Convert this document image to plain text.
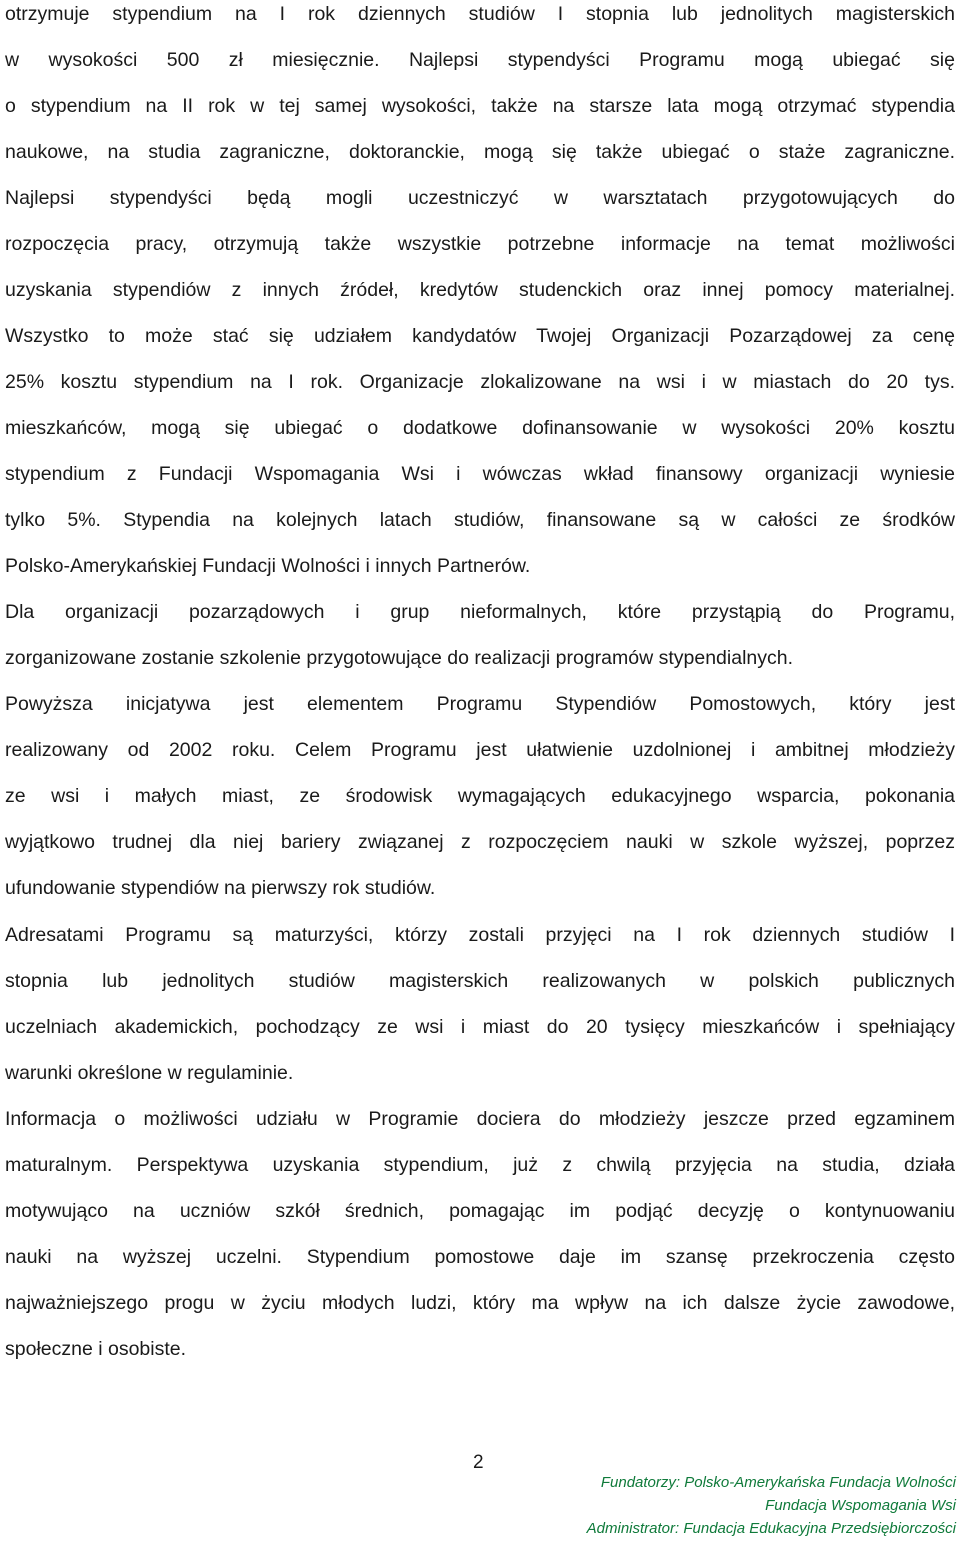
otrzymuje stypendium na I rok dziennych studiów I stopnia lub jednolitych magisterskich
w wysokości 500 zł miesięcznie. Najlepsi stypendyści Programu mogą ubiegać się
o stypendium na II rok w tej samej wysokości, także na starsze lata mogą otrzymać stypendia
naukowe, na studia zagraniczne, doktoranckie, mogą się także ubiegać o staże zagraniczne.
Najlepsi stypendyści będą mogli uczestniczyć w warsztatach przygotowujących do
rozpoczęcia pracy, otrzymują także wszystkie potrzebne informacje na temat możliwości
uzyskania stypendiów z innych źródeł, kredytów studenckich oraz innej pomocy materialnej.
Wszystko to może stać się udziałem kandydatów Twojej Organizacji Pozarządowej za cenę
25% kosztu stypendium na I rok. Organizacje zlokalizowane na wsi i w miastach do 20 tys.
mieszkańców, mogą się ubiegać o dodatkowe dofinansowanie w wysokości 20% kosztu
stypendium z Fundacji Wspomagania Wsi i wówczas wkład finansowy organizacji wyniesie
tylko 5%. Stypendia na kolejnych latach studiów, finansowane są w całości ze środków
Polsko-Amerykańskiej Fundacji Wolności i innych Partnerów.
Dla organizacji pozarządowych i grup nieformalnych, które przystąpią do Programu,
zorganizowane zostanie szkolenie przygotowujące do realizacji programów stypendialnych.
Powyższa inicjatywa jest elementem Programu Stypendiów Pomostowych, który jest
realizowany od 2002 roku. Celem Programu jest ułatwienie uzdolnionej i ambitnej młodzieży
ze wsi i małych miast, ze środowisk wymagających edukacyjnego wsparcia, pokonania
wyjątkowo trudnej dla niej bariery związanej z rozpoczęciem nauki w szkole wyższej, poprzez
ufundowanie stypendiów na pierwszy rok studiów.
Adresatami Programu są maturzyści, którzy zostali przyjęci na I rok dziennych studiów I
stopnia lub jednolitych studiów magisterskich realizowanych w polskich publicznych
uczelniach akademickich, pochodzący ze wsi i miast do 20 tysięcy mieszkańców i spełniający
warunki określone w regulaminie.
Informacja o możliwości udziału w Programie dociera do młodzieży jeszcze przed egzaminem
maturalnym. Perspektywa uzyskania stypendium, już z chwilą przyjęcia na studia, działa
motywująco na uczniów szkół średnich, pomagając im podjąć decyzję o kontynuowaniu
nauki na wyższej uczelni. Stypendium pomostowe daje im szansę przekroczenia często
najważniejszego progu w życiu młodych ludzi, który ma wpływ na ich dalsze życie zawodowe,
społeczne i osobiste.
2
Fundatorzy: Polsko-Amerykańska Fundacja Wolności
Fundacja Wspomagania Wsi
Administrator: Fundacja Edukacyjna Przedsiębiorczości
